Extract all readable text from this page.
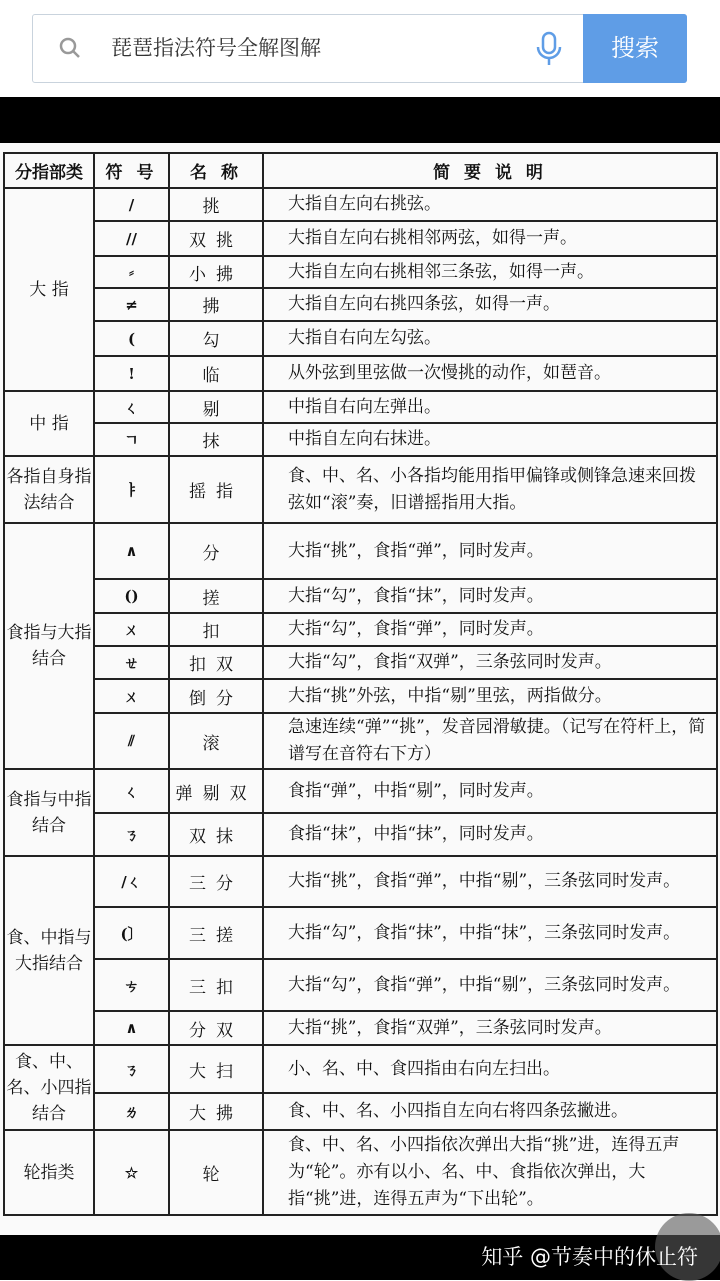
琵琶指法符号全解图解
搜索
分指部类	符 号	名 称	简 要 说 明
大 指	/	挑	大指自左向右挑弦。
	//	双挑	大指自左向右挑相邻两弦，如得一声。
	⸗	小拂	大指自左向右挑相邻三条弦，如得一声。
	≠	拂	大指自左向右挑四条弦，如得一声。
	(	勾	大指自右向左勾弦。
	!	临	从外弦到里弦做一次慢挑的动作，如琶音。
中 指	ㄑ	剔	中指自右向左弹出。
	ㄱ	抹	中指自左向右抹进。
各指自身指法结合	ㅑ	摇指	食、中、名、小各指均能用指甲偏锋或侧锋急速来回拨弦如“滚”奏，旧谱摇指用大指。
食指与大指结合	∧	分	大指“挑”，食指“弹”，同时发声。
	()	搓	大指“勾”，食指“抹”，同时发声。
	ㄨ	扣	大指“勾”，食指“弹”，同时发声。
	ㄝ	扣双	大指“勾”，食指“双弹”，三条弦同时发声。
	ㄨ	倒分	大指“挑”外弦，中指“剔”里弦，两指做分。
	⫽	滚	急速连续“弹”“挑”，发音园滑敏捷。（记写在符杆上，简谱写在音符右下方）
食指与中指结合	ㄑ	弹剔双	食指“弹”，中指“剔”，同时发声。
	ㄋ	双抹	食指“抹”，中指“抹”，同时发声。
食、中指与大指结合	/ㄑ	三分	大指“挑”，食指“弹”，中指“剔”，三条弦同时发声。
	(〕	三搓	大指“勾”，食指“抹”，中指“抹”，三条弦同时发声。
	ㄘ	三扣	大指“勾”，食指“弹”，中指“剔”，三条弦同时发声。
	∧	分双	大指“挑”，食指“双弹”，三条弦同时发声。
食、中、名、小四指结合	ㄋ	大扫	小、名、中、食四指由右向左扫出。
	ㄌ	大拂	食、中、名、小四指自左向右将四条弦撇进。
轮指类	☆	轮	食、中、名、小四指依次弹出大指“挑”进，连得五声为“轮”。亦有以小、名、中、食指依次弹出，大指“挑”进，连得五声为“下出轮”。
知乎 @节奏中的休止符
